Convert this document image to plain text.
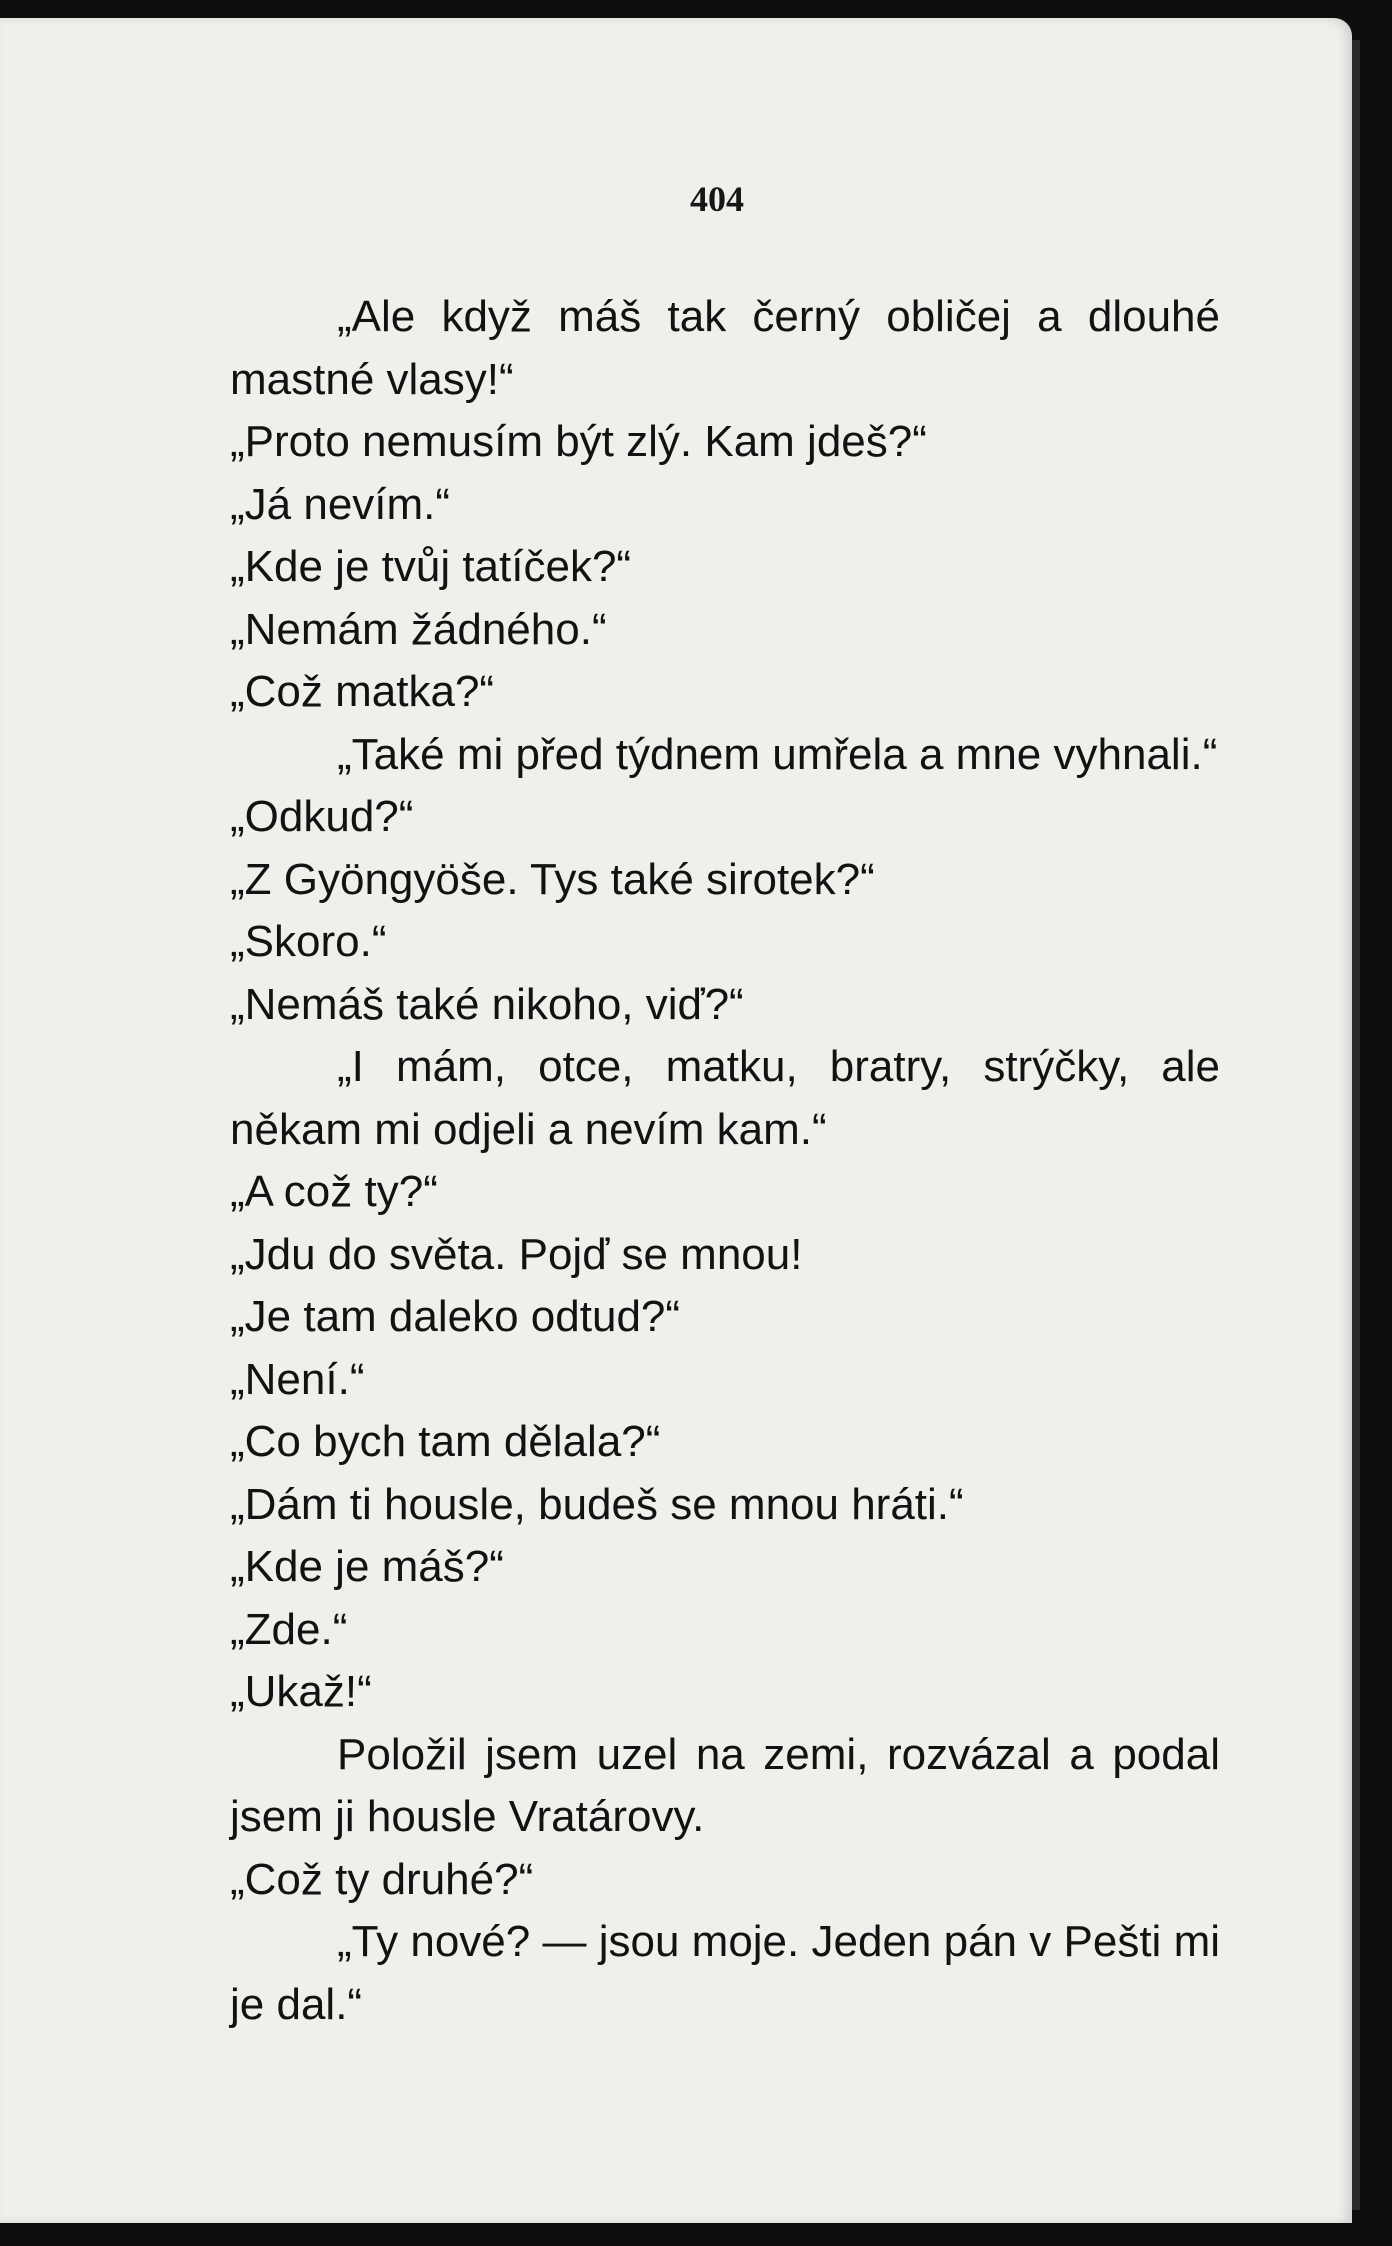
404

„Ale když máš tak černý obličej a dlouhé mastné vlasy!“

„Proto nemusím být zlý. Kam jdeš?“

„Já nevím.“

„Kde je tvůj tatíček?“

„Nemám žádného.“

„Což matka?“

„Také mi před týdnem umřela a mne vyhnali.“

„Odkud?“

„Z Gyöngyöše. Tys také sirotek?“

„Skoro.“

„Nemáš také nikoho, viď?“

„I mám, otce, matku, bratry, strýčky, ale někam mi odjeli a nevím kam.“

„A což ty?“

„Jdu do světa. Pojď se mnou!

„Je tam daleko odtud?“

„Není.“

„Co bych tam dělala?“

„Dám ti housle, budeš se mnou hráti.“

„Kde je máš?“

„Zde.“

„Ukaž!“

Položil jsem uzel na zemi, rozvázal a podal jsem ji housle Vratárovy.

„Což ty druhé?“

„Ty nové? — jsou moje. Jeden pán v Pešti mi je dal.“
